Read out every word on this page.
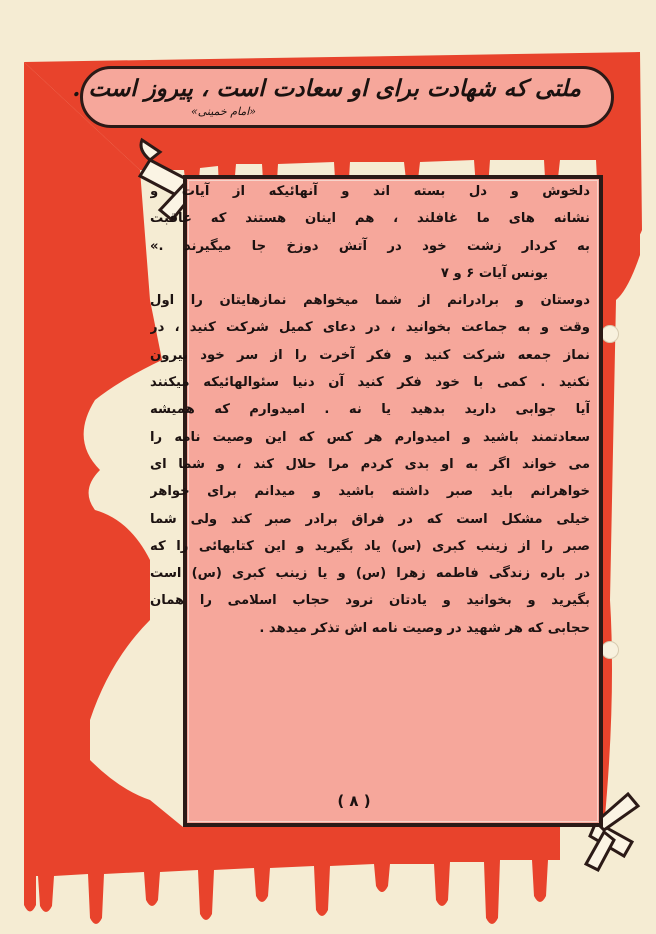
ملتی که شهادت برای او سعادت است ، پیروز است .
«امام خمینی»
دلخوش و دل بسته اند و آنهائیکه از آیات و
نشانه های ما غافلند ، هم اینان هستند که عاقبت
به کردار زشت خود در آتش دوزخ جا میگیرند .»
یونس آیات ۶ و ۷
دوستان و برادرانم از شما میخواهم نمازهایتان را اول
وقت و به جماعت بخوانید ، در دعای کمیل شرکت کنید ، در
نماز جمعه شرکت کنید و فکر آخرت را از سر خود بیرون
نکنید . کمی با خود فکر کنید آن دنیا سئوالهائیکه میکنند
آیا جوابی دارید بدهید یا نه . امیدوارم که همیشه
سعادتمند باشید و امیدوارم هر کس که این وصیت نامه را
می خواند اگر به او بدی کردم مرا حلال کند ، و شما ای
خواهرانم باید صبر داشته باشید و میدانم برای خواهر
خیلی مشکل است که در فراق برادر صبر کند ولی شما
صبر را از زینب کبری (س) یاد بگیرید و این کتابهائی را که
در باره زندگی فاطمه زهرا (س) و یا زینب کبری (س) است
بگیرید و بخوانید و یادتان نرود حجاب اسلامی را همان
حجابی که هر شهید در وصیت نامه اش تذکر میدهد .
( ۸ )
